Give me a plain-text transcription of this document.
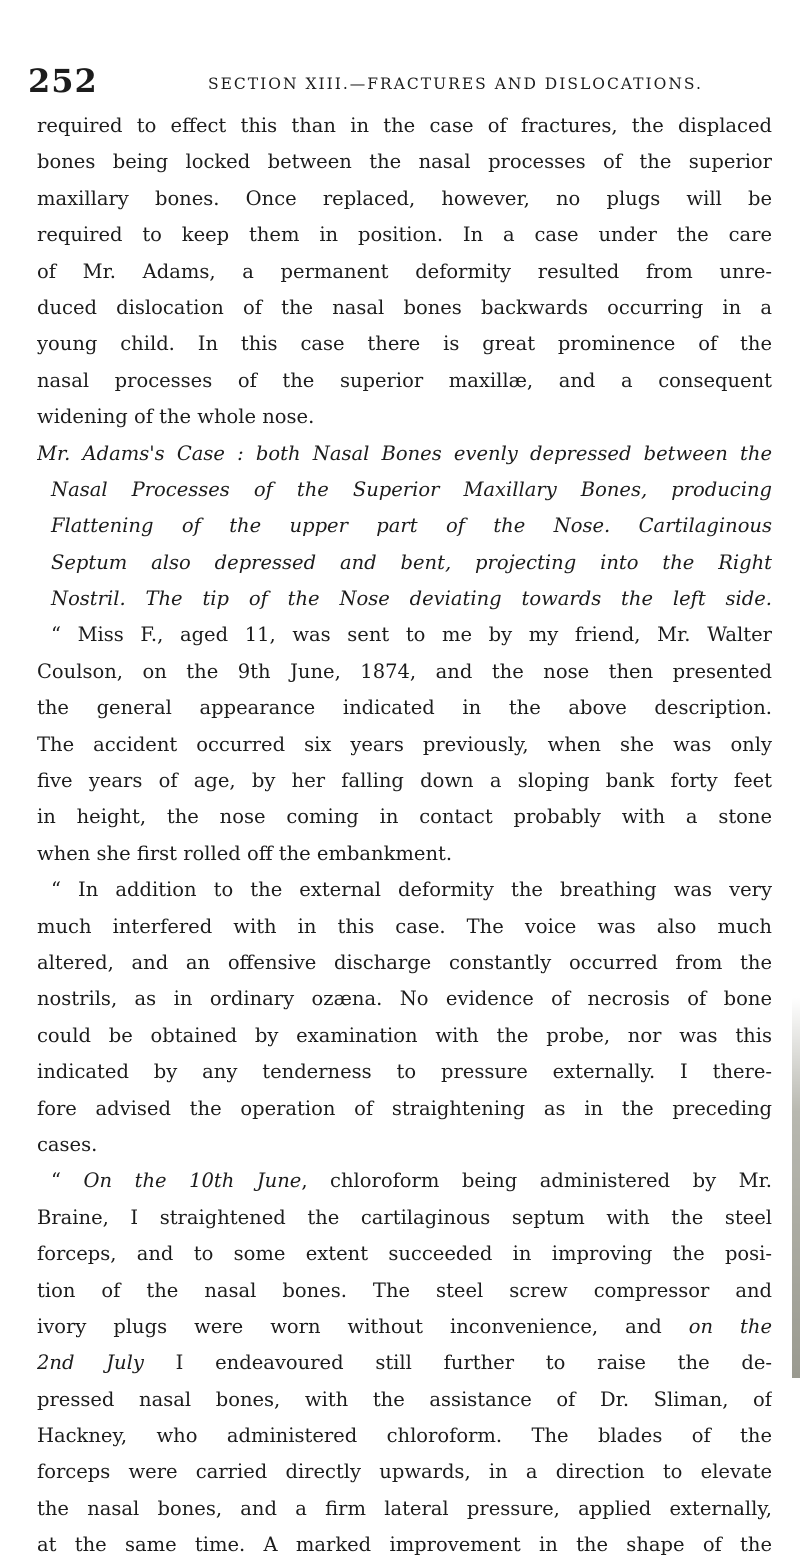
252	SECTION XIII.—FRACTURES AND DISLOCATIONS.
required to effect this than in the case of fractures, the displaced
bones being locked between the nasal processes of the superior
maxillary bones. Once replaced, however, no plugs will be
required to keep them in position. In a case under the care
of Mr. Adams, a permanent deformity resulted from unre-
duced dislocation of the nasal bones backwards occurring in a
young child. In this case there is great prominence of the
nasal processes of the superior maxillæ, and a consequent
widening of the whole nose.
Mr. Adams's Case : both Nasal Bones evenly depressed between the
Nasal Processes of the Superior Maxillary Bones, producing
Flattening of the upper part of the Nose. Cartilaginous
Septum also depressed and bent, projecting into the Right
Nostril. The tip of the Nose deviating towards the left side.
“ Miss F., aged 11, was sent to me by my friend, Mr. Walter
Coulson, on the 9th June, 1874, and the nose then presented
the general appearance indicated in the above description.
The accident occurred six years previously, when she was only
five years of age, by her falling down a sloping bank forty feet
in height, the nose coming in contact probably with a stone
when she first rolled off the embankment.
“ In addition to the external deformity the breathing was very
much interfered with in this case. The voice was also much
altered, and an offensive discharge constantly occurred from the
nostrils, as in ordinary ozæna. No evidence of necrosis of bone
could be obtained by examination with the probe, nor was this
indicated by any tenderness to pressure externally. I there-
fore advised the operation of straightening as in the preceding
cases.
“ On the 10th June, chloroform being administered by Mr.
Braine, I straightened the cartilaginous septum with the steel
forceps, and to some extent succeeded in improving the posi-
tion of the nasal bones. The steel screw compressor and
ivory plugs were worn without inconvenience, and on the
2nd July I endeavoured still further to raise the de-
pressed nasal bones, with the assistance of Dr. Sliman, of
Hackney, who administered chloroform. The blades of the
forceps were carried directly upwards, in a direction to elevate
the nasal bones, and a firm lateral pressure, applied externally,
at the same time. A marked improvement in the shape of the
